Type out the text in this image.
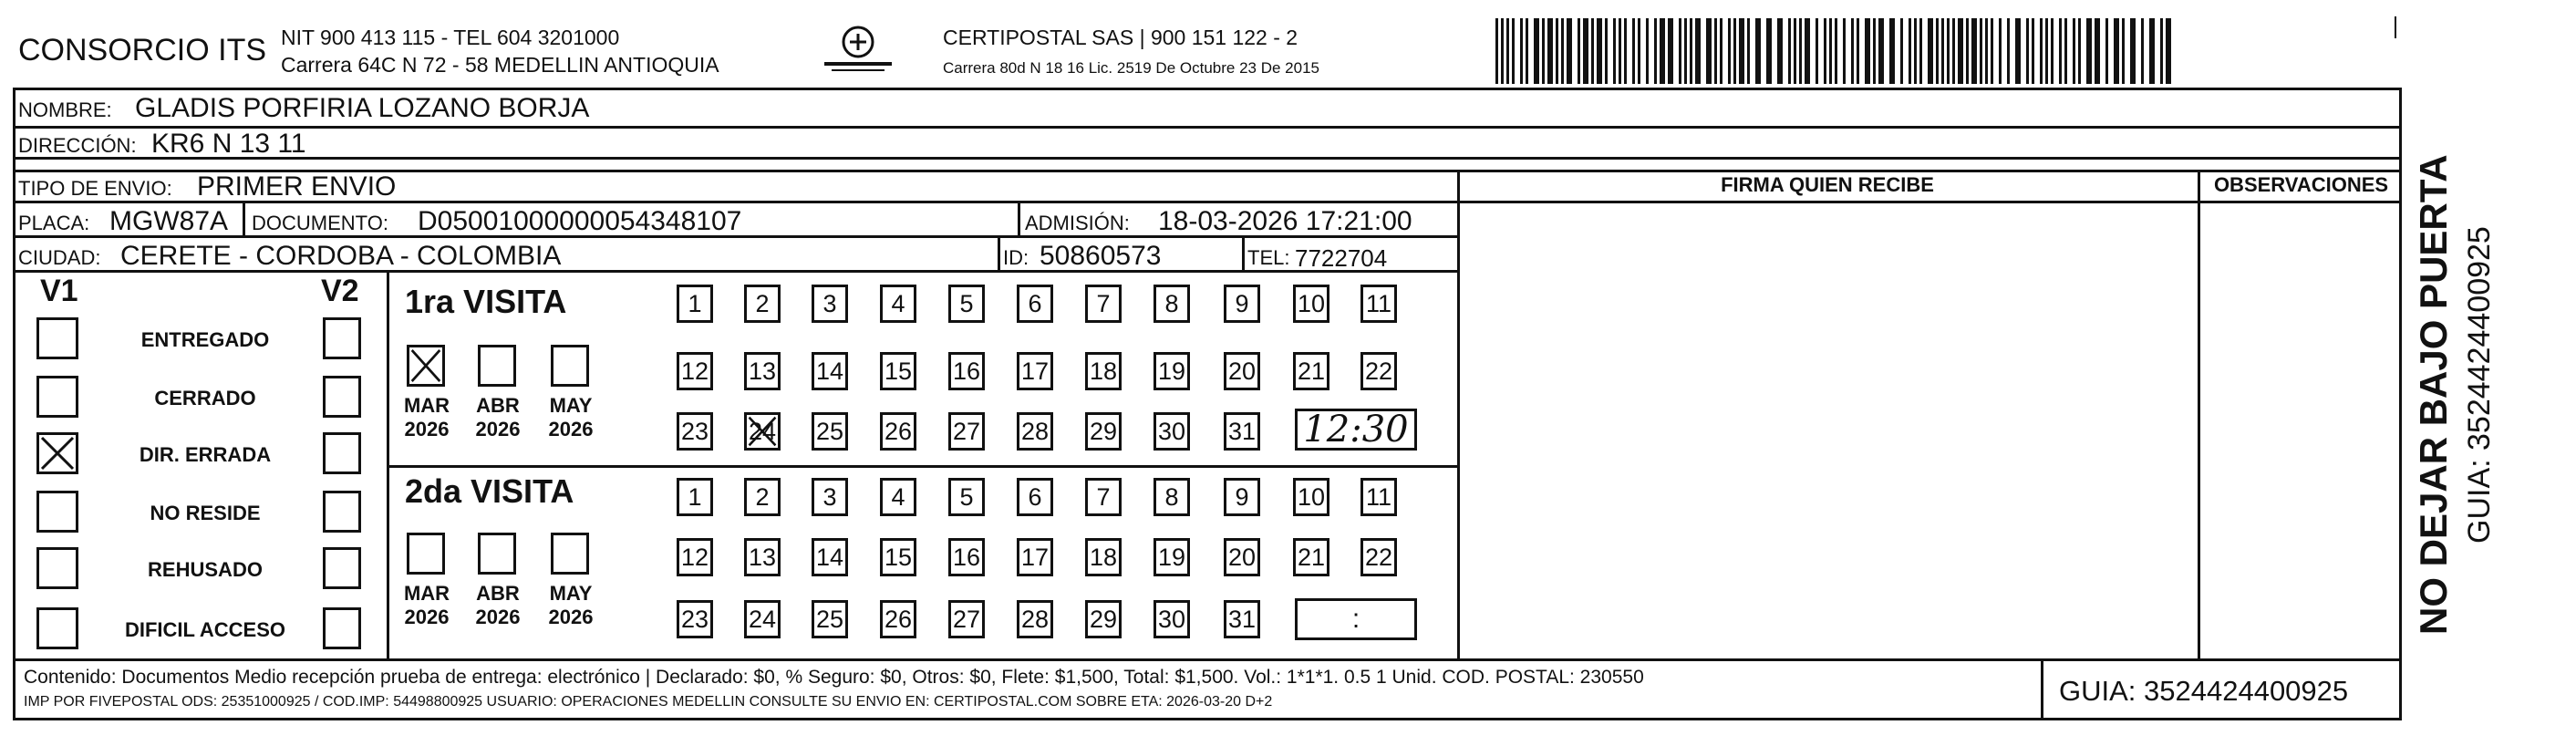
CONSORCIO ITS NIT 900 413 115 - TEL 604 3201000
Carrera 64C N 72 - 58 MEDELLIN ANTIOQUIA
CERTIPOSTAL SAS | 900 151 122 - 2
Carrera 80d N 18 16 Lic. 2519 De Octubre 23 De 2015
NOMBRE: GLADIS PORFIRIA LOZANO BORJA
DIRECCIÓN: KR6 N 13 11
TIPO DE ENVIO: PRIMER ENVIO
PLACA: MGW87A DOCUMENTO: D05001000000054348107	ADMISIÓN: 18-03-2026 17:21:00
CIUDAD: CERETE - CORDOBA - COLOMBIA	ID: 50860573	TEL: 7722704
FIRMA QUIEN RECIBE	OBSERVACIONES
V1	V2
ENTREGADO
CERRADO
DIR. ERRADA
NO RESIDE
REHUSADO
DIFICIL ACCESO
1ra VISITA
2da VISITA
MAR
2026
ABR
2026
MAY
2026
1	2	3	4	5	6	7	8	9	10 11
12 13 14 15 16 17 18 19 20 21 22
23 24 25 26 27 28 29 30 31 12:30
MAR
2026
ABR
2026
MAY
2026
1	2	3	4	5	6	7	8	9	10 11
12 13 14 15 16 17 18 19 20 21 22
23 24 25 26 27 28 29 30 31	:
Contenido: Documentos Medio recepción prueba de entrega: electrónico | Declarado: $0, % Seguro: $0, Otros: $0, Flete: $1,500, Total: $1,500. Vol.: 1*1*1. 0.5 1 Unid. COD. POSTAL: 230550
IMP POR FIVEPOSTAL ODS: 25351000925 / COD.IMP: 54498800925 USUARIO: OPERACIONES MEDELLIN CONSULTE SU ENVIO EN: CERTIPOSTAL.COM SOBRE ETA: 2026-03-20 D+2	GUIA: 3524424400925
NO DEJAR BAJO PUERTA GUIA: 3524424400925
